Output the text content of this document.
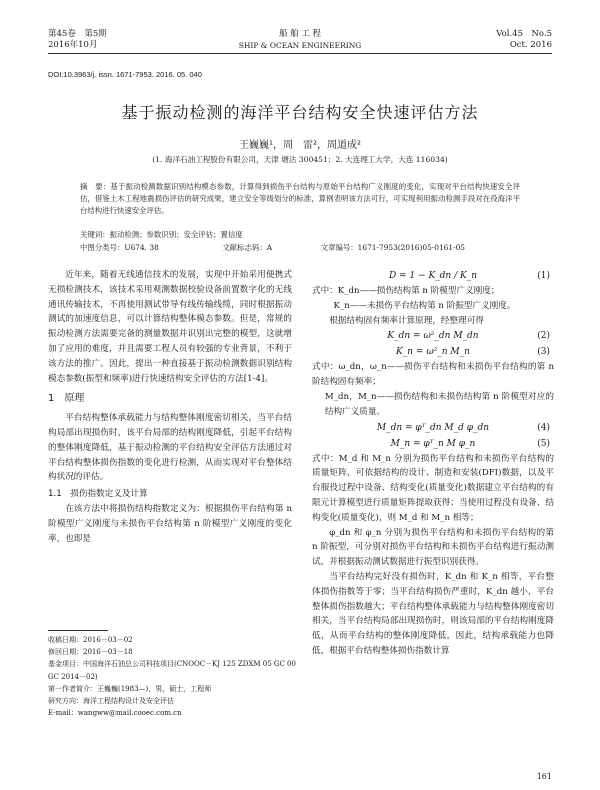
第45卷　第5期
2016年10月
船 舶 工 程
SHIP & OCEAN ENGINEERING
Vol.45　No.5
Oct. 2016
DOI:10.3963/j. issn. 1671-7953. 2016. 05. 040
基于振动检测的海洋平台结构安全快速评估方法
王巍巍¹，周　雷²，周道成²
(1. 海洋石油工程股份有限公司，天津 塘沽 300451；2. 大连理工大学，大连 116034)
摘　要：基于振动检测数据识别结构模态参数，计算得到损伤平台结构与原始平台结构广义刚度的变化，实现对平台结构快速安全评估，借鉴土木工程地震损伤评估的研究成果，建立安全等级划分的标准，算例表明该方法可行，可实现利用振动检测手段对在役海洋平台结构进行快速安全评估。
关键词：振动检测；参数识别；安全评估；置信度
中图分类号：U674. 38	文献标志码：A	文章编号：1671-7953(2016)05-0161-05

近年来，随着无线通信技术的发展，实现中开始采用便携式无损检测技术，该技术采用观测数据校验设备前置数字化的无线通讯传输技术，不再使用测试带导有线传输线缆，同时根据振动测试的加速度信息，可以计算结构整体模态参数。但是，常规的振动检测方法需要完备的测量数据并识别出完整的模型，这就增加了应用的难度，并且需要工程人员有较强的专业背景，不利于该方法的推广。因此，提出一种直接基于振动检测数据识别结构模态参数(振型和频率)进行快速结构安全评估的方法[1-4]。

1　原理

平台结构整体承载能力与结构整体刚度密切相关，当平台结构局部出现损伤时，该平台局部的结构刚度降低，引起平台结构的整体刚度降低，基于振动检测的平台结构安全评估方法通过对平台结构整体损伤指数的变化进行检测，从而实现对平台整体结构状况的评估。

1.1　损伤指数定义及计算

在该方法中将损伤结构指数定义为：根据损伤平台结构第 n 阶模型广义刚度与未损伤平台结构第 n 阶模型广义刚度的变化率，也即是

D = 1 − K_dn / K_n	(1)

式中：K_dn——损伤结构第 n 阶模型广义刚度；

K_n——未损伤平台结构第 n 阶振型广义刚度。

根据结构固有频率计算原理，经整理可得

K_dn = ω²_dn M_dn	(2)
K_n = ω²_n M_n	(3)

式中：ω_dn，ω_n——损伤平台结构和未损伤平台结构的第 n 阶结构固有频率；

M_dn，M_n——损伤结构和未损伤结构第 n 阶模型对应的结构广义质量。

M_dn = φᵀ_dn M_d φ_dn	(4)
M_n = φᵀ_n M φ_n	(5)

式中：M_d 和 M_n 分别为损伤平台结构和未损伤平台结构的质量矩阵，可依据结构的设计、制造和安装(DFI)数据，以及平台服役过程中设备、结构变化(质量变化)数据建立平台结构的有限元计算模型进行质量矩阵提取获得；当使用过程没有设备、结构变化(质量变化)，则 M_d 和 M_n 相等；

φ_dn 和 φ_n 分别为损伤平台结构和未损伤平台结构的第 n 阶振型，可分别对损伤平台结构和未损伤平台结构进行振动测试，并根据振动测试数据进行振型识别获得。

当平台结构完好没有损伤时，K_dn 和 K_n 相等，平台整体损伤指数等于零；当平台结构损伤严重时，K_dn 越小，平台整体损伤指数越大；平台结构整体承载能力与结构整体刚度密切相关，当平台结构局部出现损伤时，则该局部的平台结构刚度降低，从而平台结构的整体刚度降低，因此，结构承载能力也降低，根据平台结构整体损伤指数计算

收稿日期：2016－03－02
修回日期：2016－03－18
基金项目：中国海洋石油总公司科技项目(CNOOC－KJ 125 ZDXM 05 GC 00 GC 2014－02)
第一作者简介：王巍巍(1983—)，男，硕士，工程师
研究方向：海洋工程结构设计及安全评估
E-mail：wangww@mail.cooec.com.cn
161
